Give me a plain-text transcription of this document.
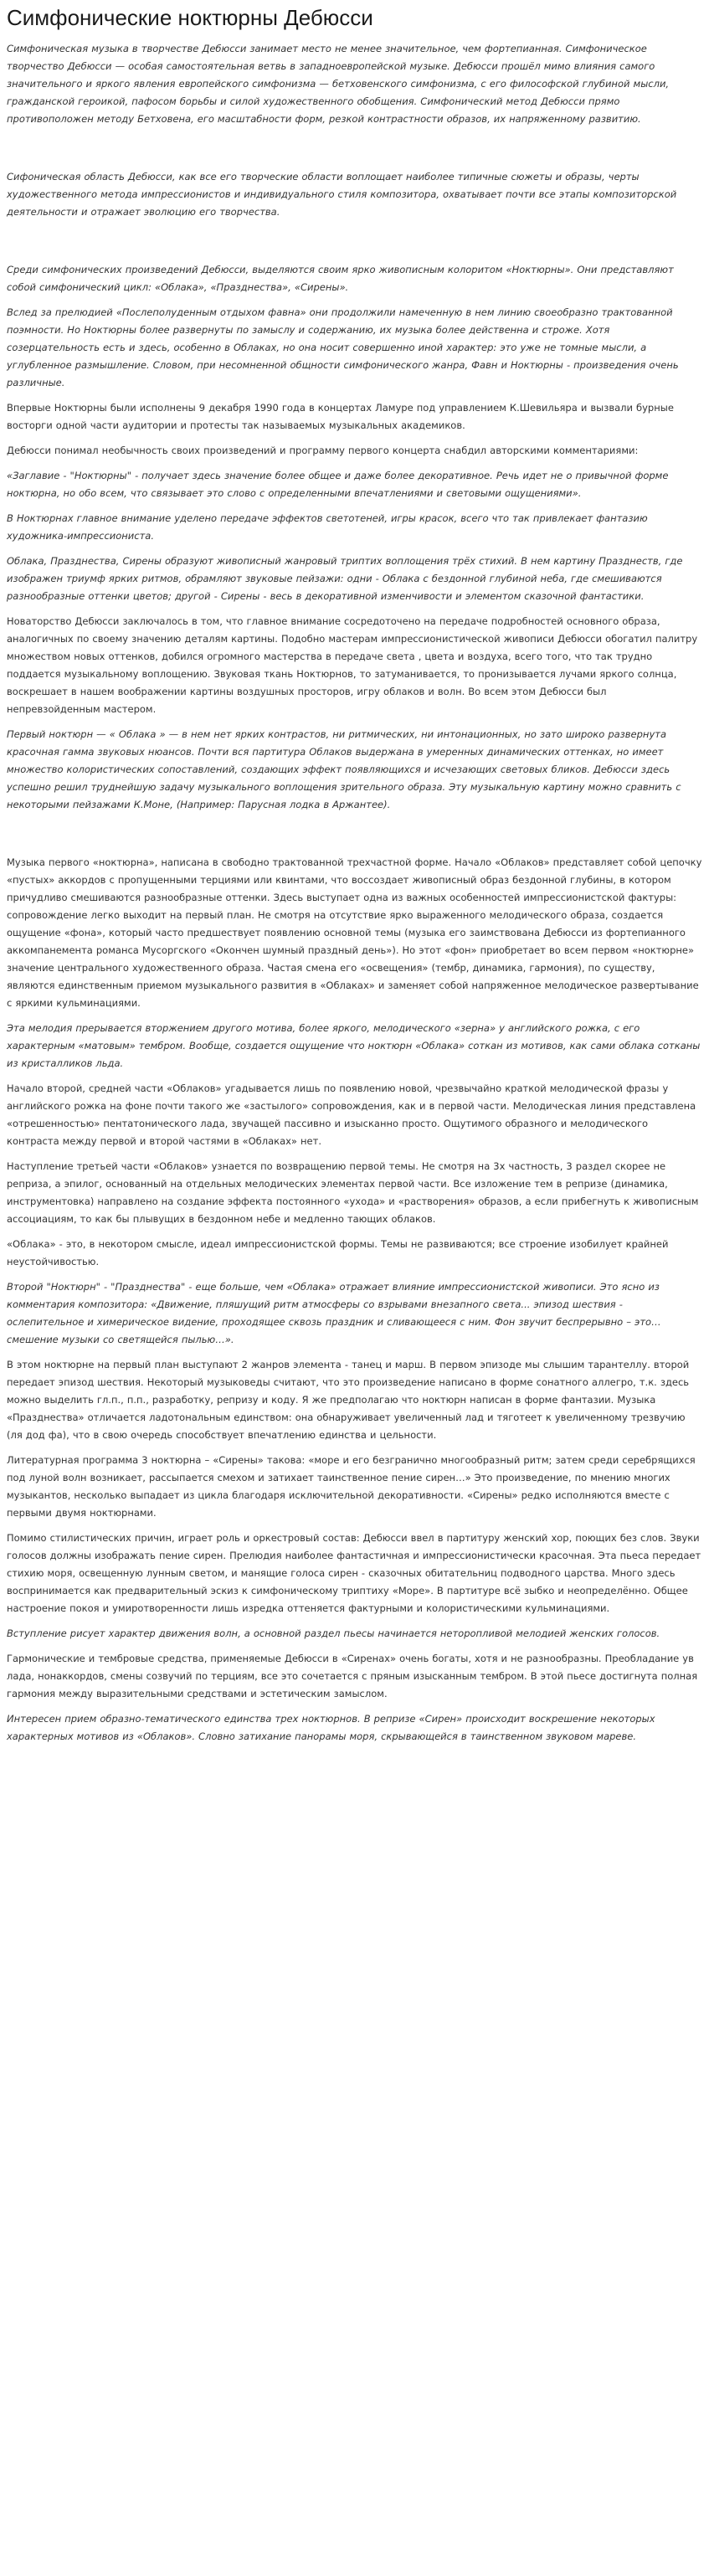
Симфонические ноктюрны Дебюсси

Симфоническая музыка в творчестве Дебюсси занимает место не менее значительное, чем фортепианная. Симфоническое творчество Дебюсси — особая самостоятельная ветвь в западноевропейской музыке. Дебюсси прошёл мимо влияния самого значительного и яркого явления европейского симфонизма — бетховенского симфонизма, с его философской глубиной мысли, гражданской героикой, пафосом борьбы и силой художественного обобщения. Симфонический метод Дебюсси прямо противоположен методу Бетховена, его масштабности форм, резкой контрастности образов, их напряженному развитию.

Сифоническая область Дебюсси, как все его творческие области воплощает наиболее типичные сюжеты и образы, черты художественного метода импрессионистов и индивидуального стиля композитора, охватывает почти все этапы композиторской деятельности и отражает эволюцию его творчества.

Среди симфонических произведений Дебюсси, выделяются своим ярко живописным колоритом «Ноктюрны». Они представляют собой симфонический цикл: «Облака», «Празднества», «Сирены».

Вслед за прелюдией «Послеполуденным отдыхом фавна» они продолжили намеченную в нем линию своеобразно трактованной поэмности. Но Ноктюрны более развернуты по замыслу и содержанию, их музыка более действенна и строже. Хотя созерцательность есть и здесь, особенно в Облаках, но она носит совершенно иной характер: это уже не томные мысли, а углубленное размышление. Словом, при несомненной общности симфонического жанра, Фавн и Ноктюрны - произведения очень различные.

Впервые Ноктюрны были исполнены 9 декабря 1990 года в концертах Ламуре под управлением К.Шевильяра и вызвали бурные восторги одной части аудитории и протесты так называемых музыкальных академиков.

Дебюсси понимал необычность своих произведений и программу первого концерта снабдил авторскими комментариями:

«Заглавие - "Ноктюрны" - получает здесь значение более общее и даже более декоративное. Речь идет не о привычной форме ноктюрна, но обо всем, что связывает это слово с определенными впечатлениями и световыми ощущениями».

В Ноктюрнах главное внимание уделено передаче эффектов светотеней, игры красок, всего что так привлекает фантазию художника-импрессиониста.

Облака, Празднества, Сирены образуют живописный жанровый триптих воплощения трёх стихий. В нем картину Празднеств, где изображен триумф ярких ритмов, обрамляют звуковые пейзажи: одни - Облака с бездонной глубиной неба, где смешиваются разнообразные оттенки цветов; другой - Сирены - весь в декоративной изменчивости и элементом сказочной фантастики.

Новаторство Дебюсси заключалось в том, что главное внимание сосредоточено на передаче подробностей основного образа, аналогичных по своему значению деталям картины. Подобно мастерам импрессионистической живописи Дебюсси обогатил палитру множеством новых оттенков, добился огромного мастерства в передаче света , цвета и воздуха, всего того, что так трудно поддается музыкальному воплощению. Звуковая ткань Ноктюрнов, то затуманивается, то пронизывается лучами яркого солнца, воскрешает в нашем воображении картины воздушных просторов, игру облаков и волн. Во всем этом Дебюсси был непревзойденным мастером.

Первый ноктюрн — « Облака » — в нем нет ярких контрастов, ни ритмических, ни интонационных, но зато широко развернута красочная гамма звуковых нюансов. Почти вся партитура Облаков выдержана в умеренных динамических оттенках, но имеет множество колористических сопоставлений, создающих эффект появляющихся и исчезающих световых бликов. Дебюсси здесь успешно решил труднейшую задачу музыкального воплощения зрительного образа. Эту музыкальную картину можно сравнить с некоторыми пейзажами К.Моне, (Например: Парусная лодка в Аржантее).

Музыка первого «ноктюрна», написана в свободно трактованной трехчастной форме. Начало «Облаков» представляет собой цепочку «пустых» аккордов с пропущенными терциями или квинтами, что воссоздает живописный образ бездонной глубины, в котором причудливо смешиваются разнообразные оттенки. Здесь выступает одна из важных особенностей импрессионистской фактуры: сопровождение легко выходит на первый план. Не смотря на отсутствие ярко выраженного мелодического образа, создается ощущение «фона», который часто предшествует появлению основной темы (музыка его заимствована Дебюсси из фортепианного аккомпанемента романса Мусоргского «Окончен шумный праздный день»). Но этот «фон» приобретает во всем первом «ноктюрне» значение центрального художественного образа. Частая смена его «освещения» (тембр, динамика, гармония), по существу, являются единственным приемом музыкального развития в «Облаках» и заменяет собой напряженное мелодическое развертывание с яркими кульминациями.

Эта мелодия прерывается вторжением другого мотива, более яркого, мелодического «зерна» у английского рожка, с его характерным «матовым» тембром. Вообще, создается ощущение что ноктюрн «Облака» соткан из мотивов, как сами облака сотканы из кристалликов льда.

Начало второй, средней части «Облаков» угадывается лишь по появлению новой, чрезвычайно краткой мелодической фразы у английского рожка на фоне почти такого же «застылого» сопровождения, как и в первой части. Мелодическая линия представлена «отрешенностью» пентатонического лада, звучащей пассивно и изысканно просто. Ощутимого образного и мелодического контраста между первой и второй частями в «Облаках» нет.

Наступление третьей части «Облаков» узнается по возвращению первой темы. Не смотря на 3х частность, 3 раздел скорее не реприза, а эпилог, основанный на отдельных мелодических элементах первой части. Все изложение тем в репризе (динамика, инструментовка) направлено на создание эффекта постоянного «ухода» и «растворения» образов, а если прибегнуть к живописным ассоциациям, то как бы плывущих в бездонном небе и медленно тающих облаков.

«Облака» - это, в некотором смысле, идеал импрессионистской формы. Темы не развиваются; все строение изобилует крайней неустойчивостью.

Второй "Ноктюрн" - "Празднества" - еще больше, чем «Облака» отражает влияние импрессионистской живописи. Это ясно из комментария композитора: «Движение, пляшущий ритм атмосферы со взрывами внезапного света... эпизод шествия - ослепительное и химерическое видение, проходящее сквозь праздник и сливающееся с ним. Фон звучит беспрерывно – это… смешение музыки со светящейся пылью…».

В этом ноктюрне на первый план выступают 2 жанров элемента - танец и марш. В первом эпизоде мы слышим тарантеллу. второй передает эпизод шествия. Некоторый музыковеды считают, что это произведение написано в форме сонатного аллегро, т.к. здесь можно выделить гл.п., п.п., разработку, репризу и коду. Я же предполагаю что ноктюрн написан в форме фантазии. Музыка «Празднества» отличается ладотональным единством: она обнаруживает увеличенный лад и тяготеет к увеличенному трезвучию (ля дод фа), что в свою очередь способствует впечатлению единства и цельности.

Литературная программа 3 ноктюрна – «Сирены» такова: «море и его безгранично многообразный ритм; затем среди серебрящихся под луной волн возникает, рассыпается смехом и затихает таинственное пение сирен…» Это произведение, по мнению многих музыкантов, несколько выпадает из цикла благодаря исключительной декоративности. «Сирены» редко исполняются вместе с первыми двумя ноктюрнами.

Помимо стилистических причин, играет роль и оркестровый состав: Дебюсси ввел в партитуру женский хор, поющих без слов. Звуки голосов должны изображать пение сирен. Прелюдия наиболее фантастичная и импрессионистически красочная. Эта пьеса передает стихию моря, освещенную лунным светом, и манящие голоса сирен - сказочных обитательниц подводного царства. Много здесь воспринимается как предварительный эскиз к симфоническому триптиху «Море». В партитуре всё зыбко и неопределённо. Общее настроение покоя и умиротворенности лишь изредка оттеняется фактурными и колористическими кульминациями.

Вступление рисует характер движения волн, а основной раздел пьесы начинается неторопливой мелодией женских голосов.

Гармонические и тембровые средства, применяемые Дебюсси в «Сиренах» очень богаты, хотя и не разнообразны. Преобладание ув лада, нонаккордов, смены созвучий по терциям, все это сочетается с пряным изысканным тембром. В этой пьесе достигнута полная гармония между выразительными средствами и эстетическим замыслом.

Интересен прием образно-тематического единства трех ноктюрнов. В репризе «Сирен» происходит воскрешение некоторых характерных мотивов из «Облаков». Словно затихание панорамы моря, скрывающейся в таинственном звуковом мареве.
